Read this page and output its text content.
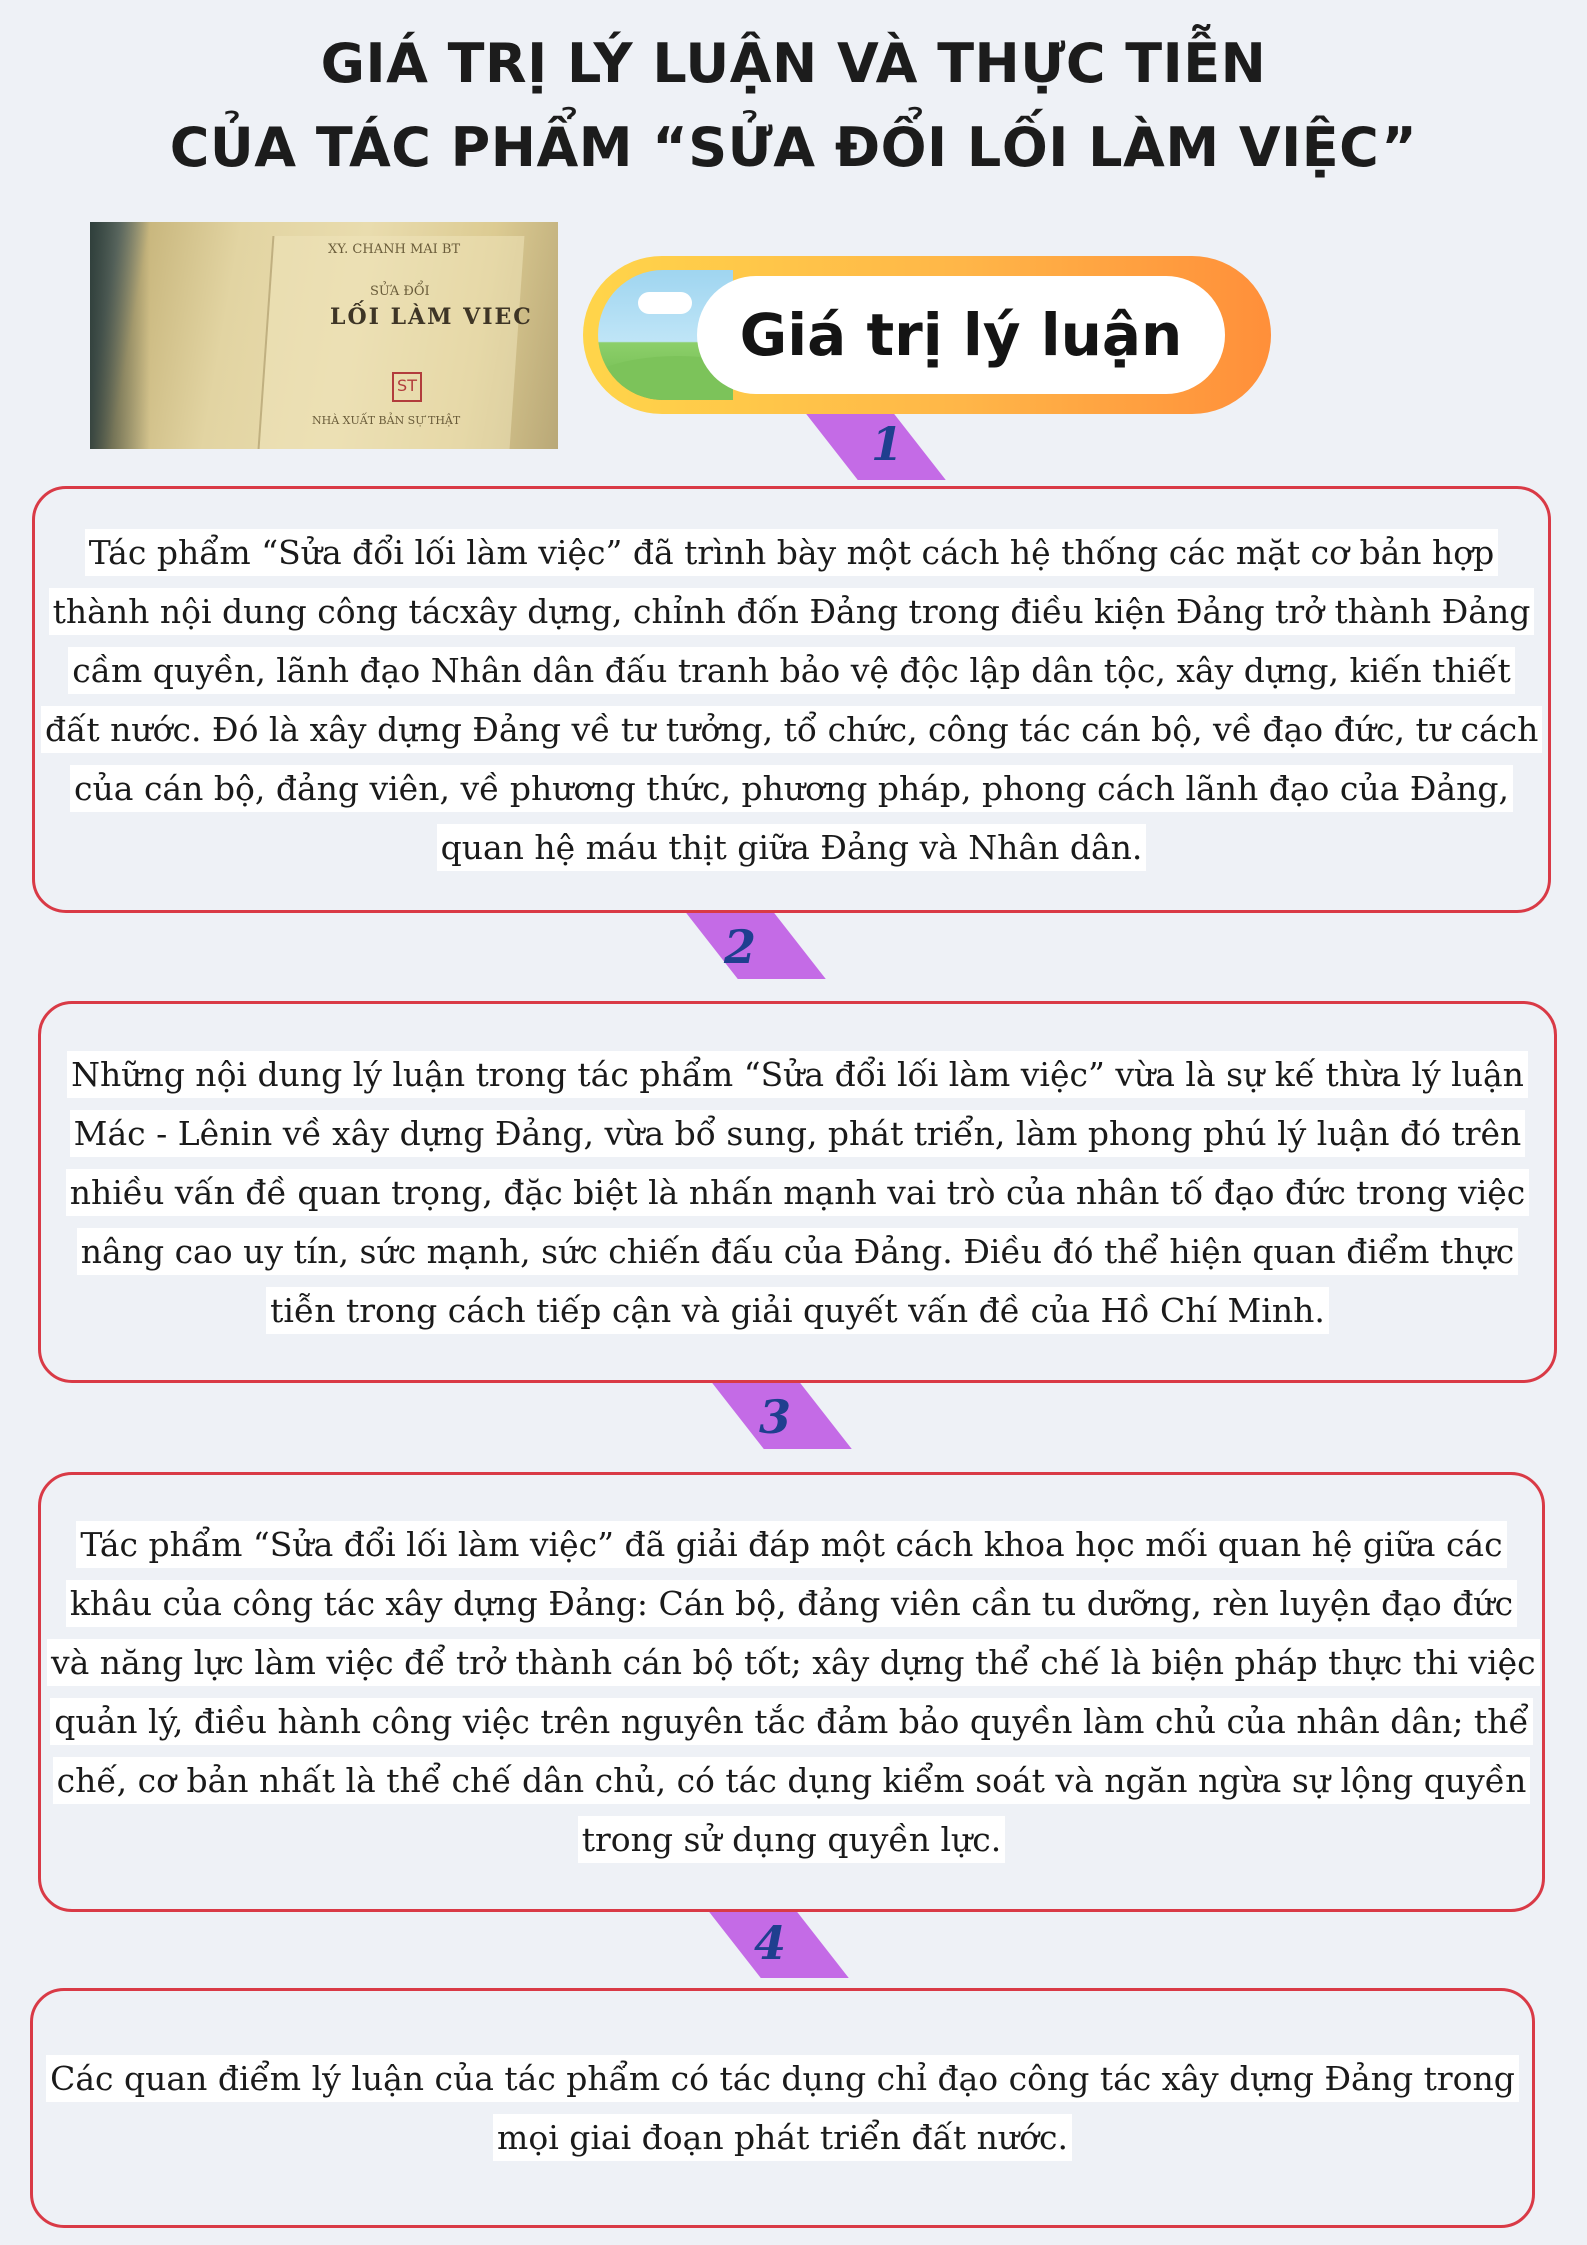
GIÁ TRỊ LÝ LUẬN VÀ THỰC TIỄN
CỦA TÁC PHẨM “SỬA ĐỔI LỐI LÀM VIỆC”
XY. CHANH MAI BT
SỬA ĐỔI
LỐI LÀM VIEC
ST
NHÀ XUẤT BẢN SỰ THẬT
Giá trị lý luận
1
2
3
4

Tác phẩm “Sửa đổi lối làm việc” đã trình bày một cách hệ thống các mặt cơ bản hợp thành nội dung công tácxây dựng, chỉnh đốn Đảng trong điều kiện Đảng trở thành Đảng cầm quyền, lãnh đạo Nhân dân đấu tranh bảo vệ độc lập dân tộc, xây dựng, kiến thiết đất nước. Đó là xây dựng Đảng về tư tưởng, tổ chức, công tác cán bộ, về đạo đức, tư cách của cán bộ, đảng viên, về phương thức, phương pháp, phong cách lãnh đạo của Đảng, quan hệ máu thịt giữa Đảng và Nhân dân.

Những nội dung lý luận trong tác phẩm “Sửa đổi lối làm việc” vừa là sự kế thừa lý luận Mác - Lênin về xây dựng Đảng, vừa bổ sung, phát triển, làm phong phú lý luận đó trên nhiều vấn đề quan trọng, đặc biệt là nhấn mạnh vai trò của nhân tố đạo đức trong việc nâng cao uy tín, sức mạnh, sức chiến đấu của Đảng. Điều đó thể hiện quan điểm thực tiễn trong cách tiếp cận và giải quyết vấn đề của Hồ Chí Minh.

Tác phẩm “Sửa đổi lối làm việc” đã giải đáp một cách khoa học mối quan hệ giữa các khâu của công tác xây dựng Đảng: Cán bộ, đảng viên cần tu dưỡng, rèn luyện đạo đức và năng lực làm việc để trở thành cán bộ tốt; xây dựng thể chế là biện pháp thực thi việc quản lý, điều hành công việc trên nguyên tắc đảm bảo quyền làm chủ của nhân dân; thể chế, cơ bản nhất là thể chế dân chủ, có tác dụng kiểm soát và ngăn ngừa sự lộng quyền trong sử dụng quyền lực.

Các quan điểm lý luận của tác phẩm có tác dụng chỉ đạo công tác xây dựng Đảng trong mọi giai đoạn phát triển đất nước.
